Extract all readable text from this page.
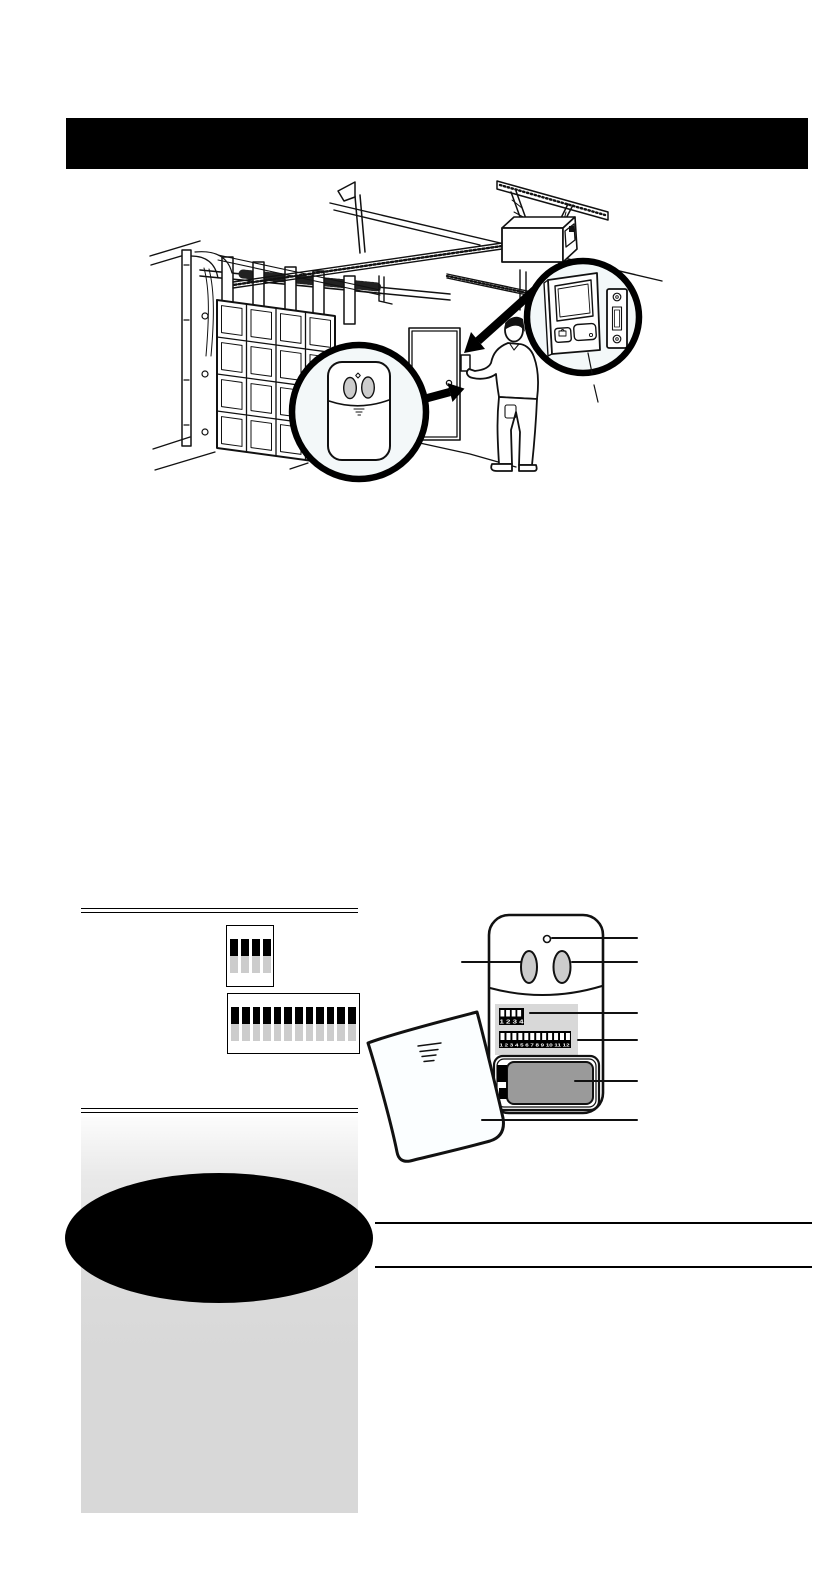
1 2 3 4
1 2 3 4 5 6 7 8 9 10 11 12
